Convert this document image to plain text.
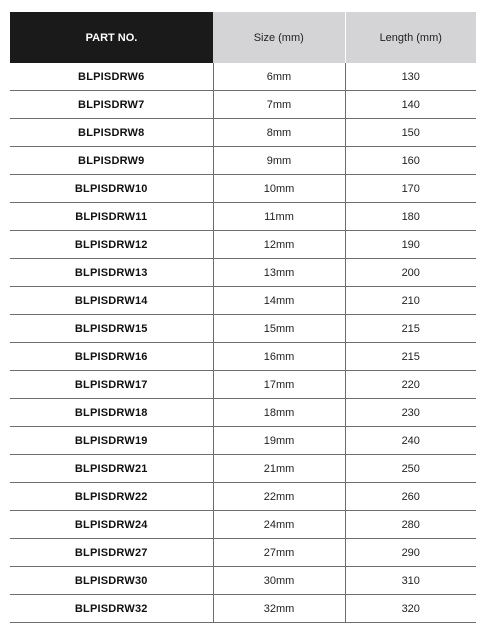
PART NO.	Size (mm)	Length (mm)
BLPISDRW6	6mm	130
BLPISDRW7	7mm	140
BLPISDRW8	8mm	150
BLPISDRW9	9mm	160
BLPISDRW10	10mm	170
BLPISDRW11	11mm	180
BLPISDRW12	12mm	190
BLPISDRW13	13mm	200
BLPISDRW14	14mm	210
BLPISDRW15	15mm	215
BLPISDRW16	16mm	215
BLPISDRW17	17mm	220
BLPISDRW18	18mm	230
BLPISDRW19	19mm	240
BLPISDRW21	21mm	250
BLPISDRW22	22mm	260
BLPISDRW24	24mm	280
BLPISDRW27	27mm	290
BLPISDRW30	30mm	310
BLPISDRW32	32mm	320
